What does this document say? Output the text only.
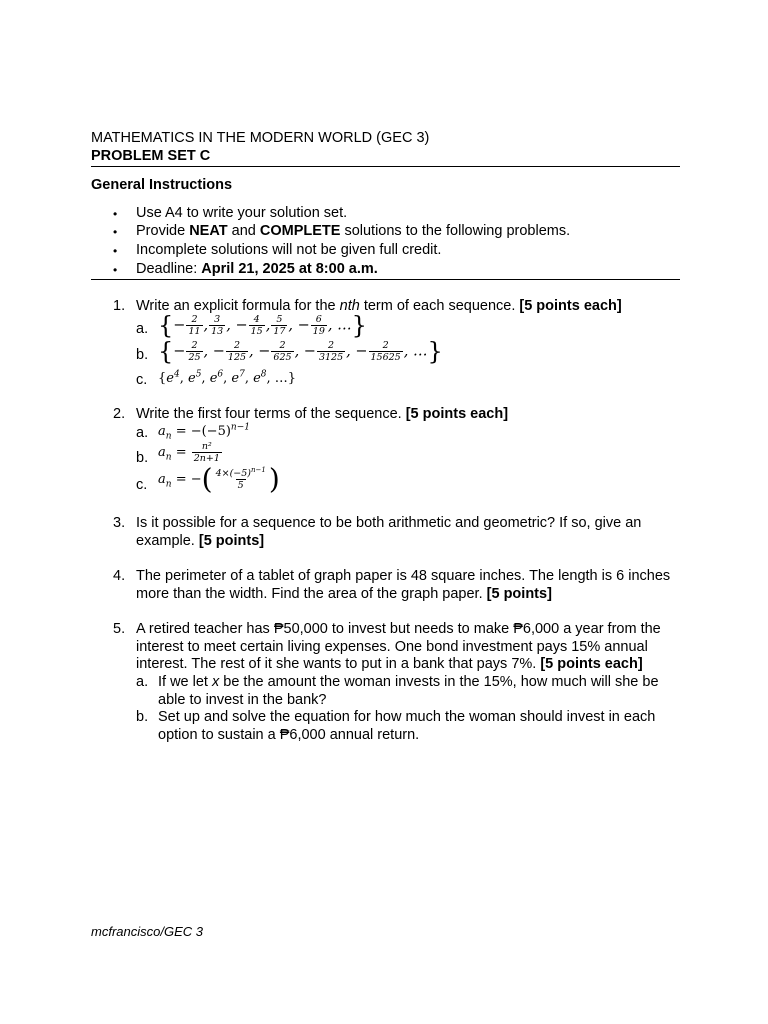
MATHEMATICS IN THE MODERN WORLD (GEC 3)
PROBLEM SET C
General Instructions
• Use A4 to write your solution set.
• Provide NEAT and COMPLETE solutions to the following problems.
• Incomplete solutions will not be given full credit.
• Deadline: April 21, 2025 at 8:00 a.m.
1. Write an explicit formula for the nth term of each sequence. [5 points each]
a. {− $\frac{2}{11}$ , $\frac{3}{13}$ , − $\frac{4}{15}$ , $\frac{5}{17}$ , − $\frac{6}{19}$ , …}
b. {− $\frac{2}{25}$ , − $\frac{2}{125}$ , − $\frac{2}{625}$ , − $\frac{2}{3125}$ , − $\frac{2}{15625}$ , …}
c. {$e^4$, $e^5$, $e^6$, $e^7$, $e^8$, …}
2. Write the first four terms of the sequence. [5 points each]
a. $a_n = -(-5)^{n-1}$
b. $a_n = \frac{\text{n²}}{2n+1}$
c. $a_n$ = −( $\frac{4\times(-5)^{n-1}}{5}$ )
3. Is it possible for a sequence to be both arithmetic and geometric? If so, give an
example. [5 points]
4. The perimeter of a tablet of graph paper is 48 square inches. The length is 6 inches
more than the width. Find the area of the graph paper. [5 points]
5. A retired teacher has ₱50,000 to invest but needs to make ₱6,000 a year from the
interest to meet certain living expenses. One bond investment pays 15% annual
interest. The rest of it she wants to put in a bank that pays 7%. [5 points each]
a. If we let x be the amount the woman invests in the 15%, how much will she be
able to invest in the bank?
b. Set up and solve the equation for how much the woman should invest in each
option to sustain a ₱6,000 annual return.
mcfrancisco/GEC 3
